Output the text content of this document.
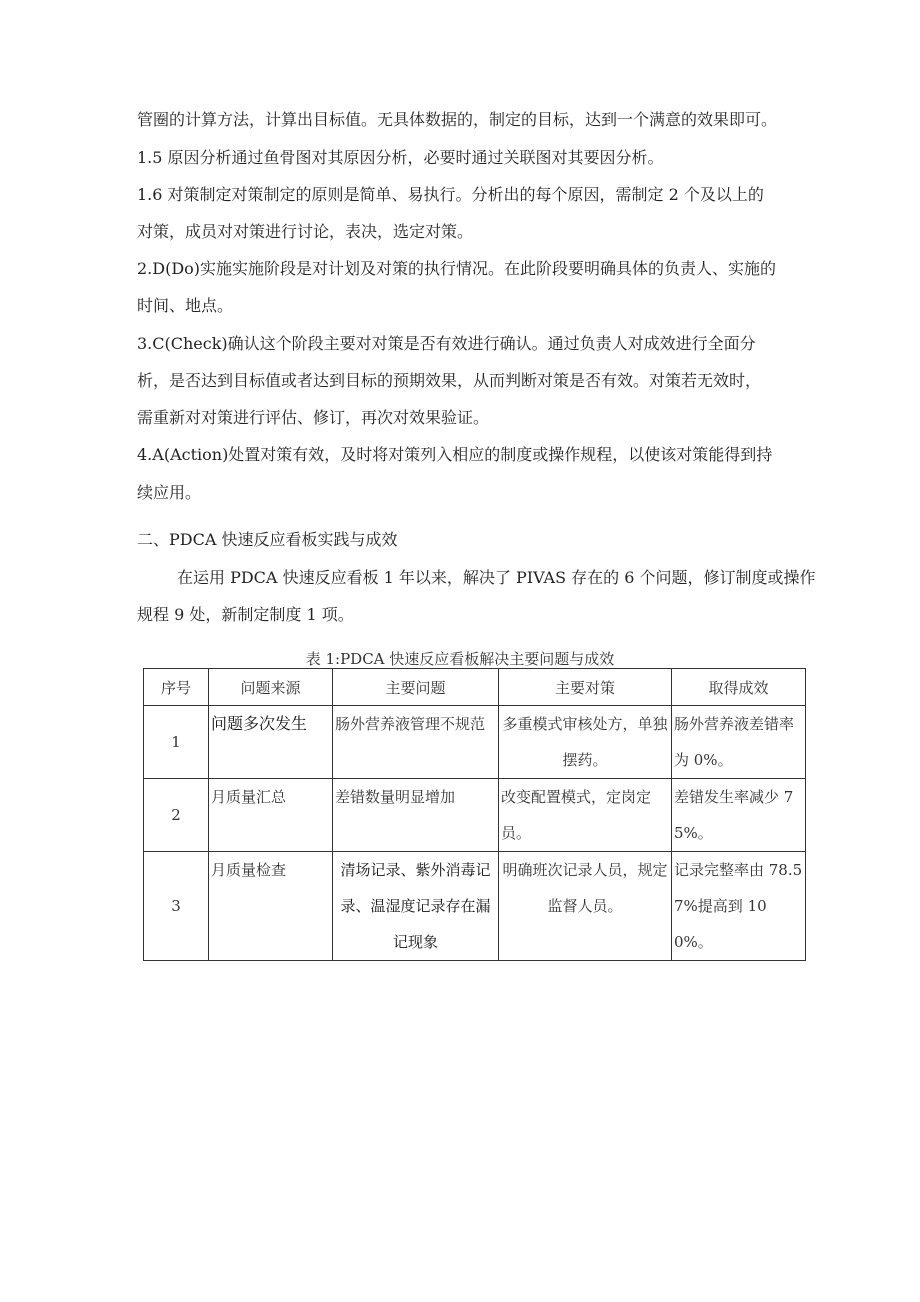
管圈的计算方法，计算出目标值。无具体数据的，制定的目标，达到一个满意的效果即可。
1.5 原因分析通过鱼骨图对其原因分析，必要时通过关联图对其要因分析。
1.6 对策制定对策制定的原则是简单、易执行。分析出的每个原因，需制定 2 个及以上的
对策，成员对对策进行讨论，表决，选定对策。
2.D(Do)实施实施阶段是对计划及对策的执行情况。在此阶段要明确具体的负责人、实施的
时间、地点。
3.C(Check)确认这个阶段主要对对策是否有效进行确认。通过负责人对成效进行全面分
析，是否达到目标值或者达到目标的预期效果，从而判断对策是否有效。对策若无效时，
需重新对对策进行评估、修订，再次对效果验证。
4.A(Action)处置对策有效，及时将对策列入相应的制度或操作规程，以使该对策能得到持
续应用。
二、PDCA 快速反应看板实践与成效
在运用 PDCA 快速反应看板 1 年以来，解决了 PIVAS 存在的 6 个问题，修订制度或操作
规程 9 处，新制定制度 1 项。
表 1:PDCA 快速反应看板解决主要问题与成效
序号	问题来源	主要问题	主要对策	取得成效
1	问题多次发生	肠外营养液管理不规范	多重模式审核处方，单独摆药。	肠外营养液差错率为 0%。
2	月质量汇总	差错数量明显增加	改变配置模式，定岗定员。	差错发生率减少 75%。
3	月质量检查	清场记录、紫外消毒记录、温湿度记录存在漏记现象	明确班次记录人员，规定监督人员。	记录完整率由 78.57%提高到 100%。
